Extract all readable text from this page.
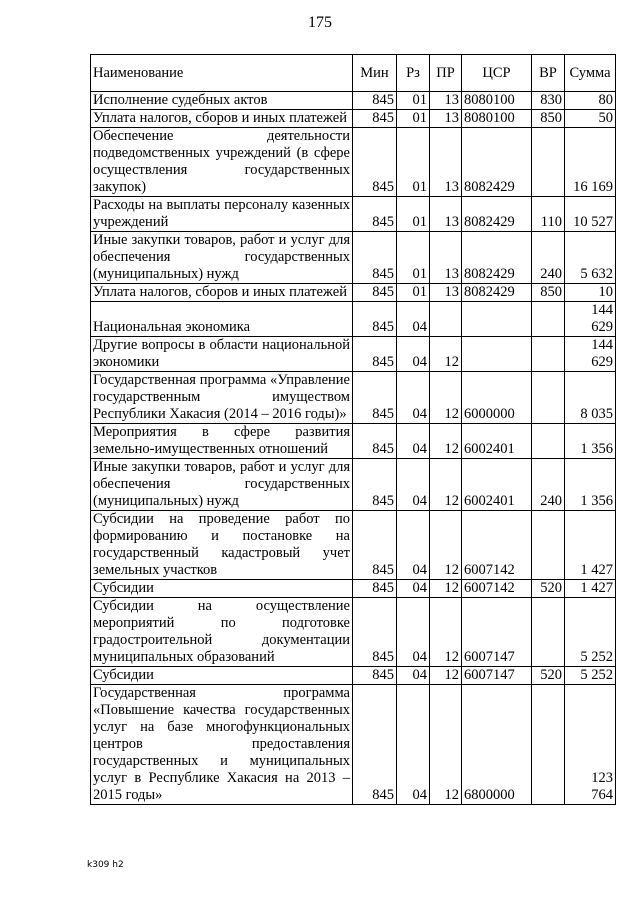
175
Наименование	Мин	Рз	ПР	ЦСР	ВР	Сумма
Исполнение судебных актов	845	01	13	8080100	830	80
Уплата налогов, сборов и иных платежей	845	01	13	8080100	850	50
Обеспечение деятельности подведомственных учреждений (в сфере осуществления государственных закупок)	845	01	13	8082429		16 169
Расходы на выплаты персоналу казенных учреждений	845	01	13	8082429	110	10 527
Иные закупки товаров, работ и услуг для обеспечения государственных (муниципальных) нужд	845	01	13	8082429	240	5 632
Уплата налогов, сборов и иных платежей	845	01	13	8082429	850	10
Национальная экономика	845	04				144 629
Другие вопросы в области национальной экономики	845	04	12			144 629
Государственная программа «Управление государственным имуществом Республики Хакасия (2014 – 2016 годы)»	845	04	12	6000000		8 035
Мероприятия в сфере развития земельно-имущественных отношений	845	04	12	6002401		1 356
Иные закупки товаров, работ и услуг для обеспечения государственных (муниципальных) нужд	845	04	12	6002401	240	1 356
Субсидии на проведение работ по формированию и постановке на государственный кадастровый учет земельных участков	845	04	12	6007142		1 427
Субсидии	845	04	12	6007142	520	1 427
Субсидии на осуществление мероприятий по подготовке градостроительной документации муниципальных образований	845	04	12	6007147		5 252
Субсидии	845	04	12	6007147	520	5 252
Государственная программа «Повышение качества государственных услуг на базе многофункциональных центров предоставления государственных и муниципальных услуг в Республике Хакасия на 2013 – 2015 годы»	845	04	12	6800000		123 764
k309 h2
